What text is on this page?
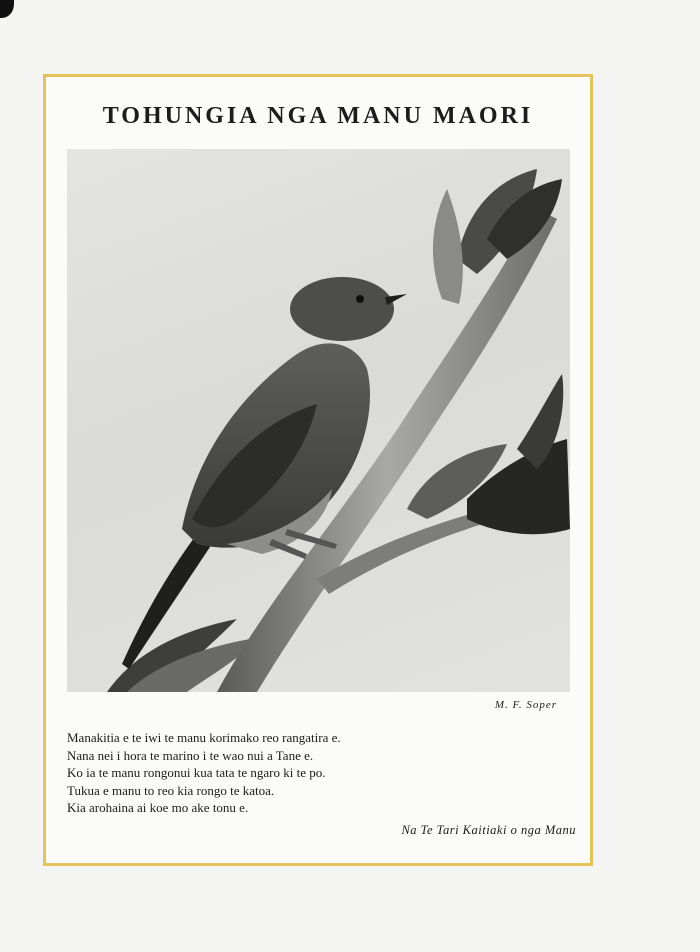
TOHUNGIA NGA MANU MAORI
M. F. Soper
Manakitia e te iwi te manu korimako reo rangatira e.
Nana nei i hora te marino i te wao nui a Tane e.
Ko ia te manu rongonui kua tata te ngaro ki te po.
Tukua e manu to reo kia rongo te katoa.
Kia arohaina ai koe mo ake tonu e.
Na Te Tari Kaitiaki o nga Manu
